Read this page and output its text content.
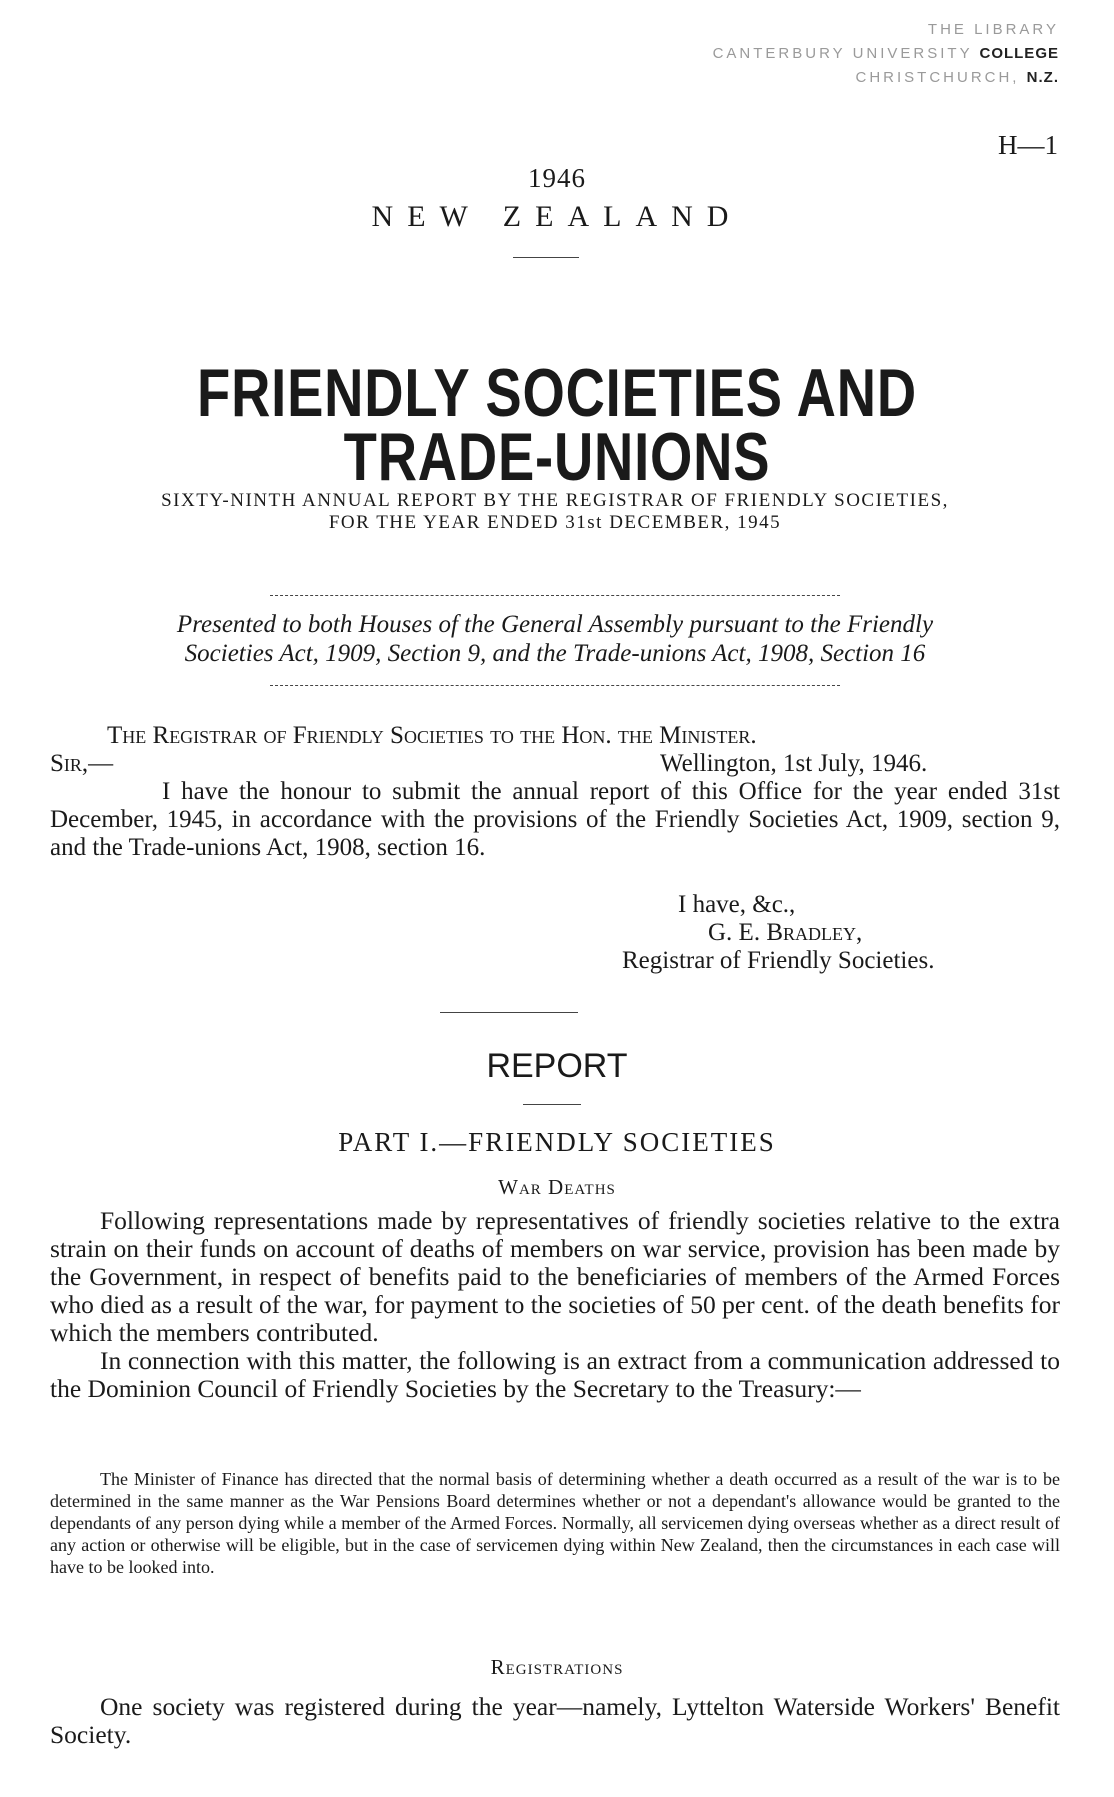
THE LIBRARY
CANTERBURY UNIVERSITY COLLEGE
CHRISTCHURCH, N.Z.
H—1
1946
NEW ZEALAND
FRIENDLY SOCIETIES AND
TRADE-UNIONS
SIXTY-NINTH ANNUAL REPORT BY THE REGISTRAR OF FRIENDLY SOCIETIES,
FOR THE YEAR ENDED 31st DECEMBER, 1945
Presented to both Houses of the General Assembly pursuant to the Friendly
Societies Act, 1909, Section 9, and the Trade-unions Act, 1908, Section 16
The Registrar of Friendly Societies to the Hon. the Minister.
Sir,—	Wellington, 1st July, 1946.
I have the honour to submit the annual report of this Office for the year ended 31st December, 1945, in accordance with the provisions of the Friendly Societies Act, 1909, section 9, and the Trade-unions Act, 1908, section 16.
I have, &c.,
G. E. Bradley,
Registrar of Friendly Societies.
REPORT
PART I.—FRIENDLY SOCIETIES
War Deaths

Following representations made by representatives of friendly societies relative to the extra strain on their funds on account of deaths of members on war service, provision has been made by the Government, in respect of benefits paid to the beneficiaries of members of the Armed Forces who died as a result of the war, for payment to the societies of 50 per cent. of the death benefits for which the members contributed.

In connection with this matter, the following is an extract from a communication addressed to the Dominion Council of Friendly Societies by the Secretary to the Treasury:—

The Minister of Finance has directed that the normal basis of determining whether a death occurred as a result of the war is to be determined in the same manner as the War Pensions Board determines whether or not a dependant's allowance would be granted to the dependants of any person dying while a member of the Armed Forces. Normally, all servicemen dying overseas whether as a direct result of any action or otherwise will be eligible, but in the case of servicemen dying within New Zealand, then the circumstances in each case will have to be looked into.
Registrations

One society was registered during the year—namely, Lyttelton Waterside Workers' Benefit Society.
